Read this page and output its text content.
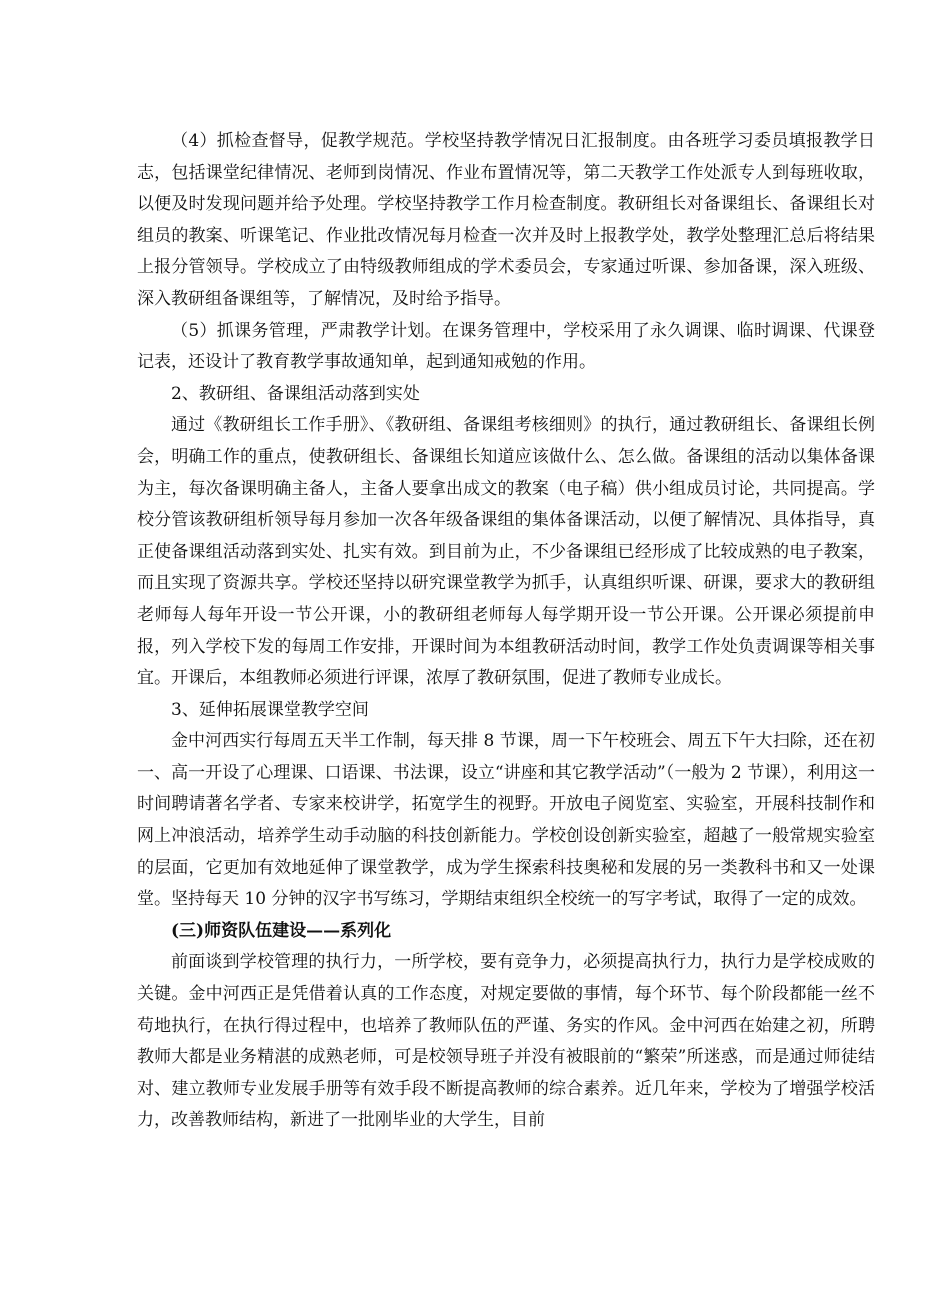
（4）抓检查督导，促教学规范。学校坚持教学情况日汇报制度。由各班学习委员填报教学日志，包括课堂纪律情况、老师到岗情况、作业布置情况等，第二天教学工作处派专人到每班收取，以便及时发现问题并给予处理。学校坚持教学工作月检查制度。教研组长对备课组长、备课组长对组员的教案、听课笔记、作业批改情况每月检查一次并及时上报教学处，教学处整理汇总后将结果上报分管领导。学校成立了由特级教师组成的学术委员会，专家通过听课、参加备课，深入班级、深入教研组备课组等，了解情况，及时给予指导。

（5）抓课务管理，严肃教学计划。在课务管理中，学校采用了永久调课、临时调课、代课登记表，还设计了教育教学事故通知单，起到通知戒勉的作用。

2、教研组、备课组活动落到实处

通过《教研组长工作手册》、《教研组、备课组考核细则》的执行，通过教研组长、备课组长例会，明确工作的重点，使教研组长、备课组长知道应该做什么、怎么做。备课组的活动以集体备课为主，每次备课明确主备人，主备人要拿出成文的教案（电子稿）供小组成员讨论，共同提高。学校分管该教研组析领导每月参加一次各年级备课组的集体备课活动，以便了解情况、具体指导，真正使备课组活动落到实处、扎实有效。到目前为止，不少备课组已经形成了比较成熟的电子教案，而且实现了资源共享。学校还坚持以研究课堂教学为抓手，认真组织听课、研课，要求大的教研组老师每人每年开设一节公开课，小的教研组老师每人每学期开设一节公开课。公开课必须提前申报，列入学校下发的每周工作安排，开课时间为本组教研活动时间，教学工作处负责调课等相关事宜。开课后，本组教师必须进行评课，浓厚了教研氛围，促进了教师专业成长。

3、延伸拓展课堂教学空间

金中河西实行每周五天半工作制，每天排 8 节课，周一下午校班会、周五下午大扫除，还在初一、高一开设了心理课、口语课、书法课，设立“讲座和其它教学活动”（一般为 2 节课），利用这一时间聘请著名学者、专家来校讲学，拓宽学生的视野。开放电子阅览室、实验室，开展科技制作和网上冲浪活动，培养学生动手动脑的科技创新能力。学校创设创新实验室，超越了一般常规实验室的层面，它更加有效地延伸了课堂教学，成为学生探索科技奥秘和发展的另一类教科书和又一处课堂。坚持每天 10 分钟的汉字书写练习，学期结束组织全校统一的写字考试，取得了一定的成效。

(三)师资队伍建设——系列化

前面谈到学校管理的执行力，一所学校，要有竞争力，必须提高执行力，执行力是学校成败的关键。金中河西正是凭借着认真的工作态度，对规定要做的事情，每个环节、每个阶段都能一丝不苟地执行，在执行得过程中，也培养了教师队伍的严谨、务实的作风。金中河西在始建之初，所聘教师大都是业务精湛的成熟老师，可是校领导班子并没有被眼前的“繁荣”所迷惑，而是通过师徒结对、建立教师专业发展手册等有效手段不断提高教师的综合素养。近几年来，学校为了增强学校活力，改善教师结构，新进了一批刚毕业的大学生，目前
